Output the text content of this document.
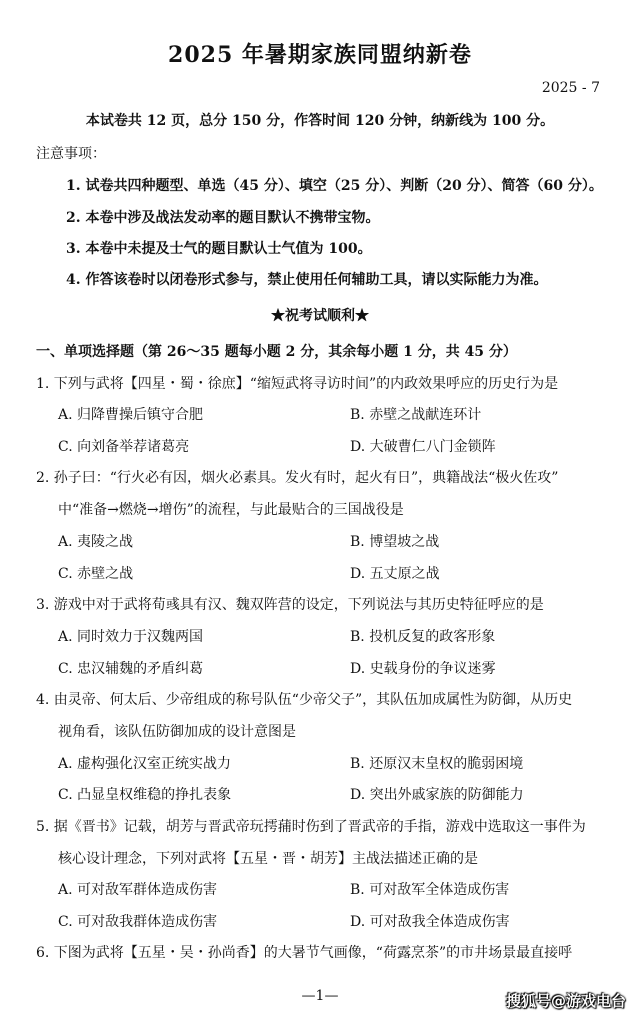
2025 年暑期家族同盟纳新卷
2025 - 7
本试卷共 12 页，总分 150 分，作答时间 120 分钟，纳新线为 100 分。
注意事项：
1. 试卷共四种题型、单选（45 分）、填空（25 分）、判断（20 分）、简答（60 分）。
2. 本卷中涉及战法发动率的题目默认不携带宝物。
3. 本卷中未提及士气的题目默认士气值为 100。
4. 作答该卷时以闭卷形式参与，禁止使用任何辅助工具，请以实际能力为准。
★祝考试顺利★
一、单项选择题（第 26～35 题每小题 2 分，其余每小题 1 分，共 45 分）
1. 下列与武将【四星・蜀・徐庶】“缩短武将寻访时间”的内政效果呼应的历史行为是
A. 归降曹操后镇守合肥	B. 赤壁之战献连环计
C. 向刘备举荐诸葛亮	D. 大破曹仁八门金锁阵
2. 孙子曰：“行火必有因，烟火必素具。发火有时，起火有日”，典籍战法“极火佐攻”
中“准备→燃烧→增伤”的流程，与此最贴合的三国战役是
A. 夷陵之战	B. 博望坡之战
C. 赤壁之战	D. 五丈原之战
3. 游戏中对于武将荀彧具有汉、魏双阵营的设定，下列说法与其历史特征呼应的是
A. 同时效力于汉魏两国	B. 投机反复的政客形象
C. 忠汉辅魏的矛盾纠葛	D. 史载身份的争议迷雾
4. 由灵帝、何太后、少帝组成的称号队伍“少帝父子”，其队伍加成属性为防御，从历史
视角看，该队伍防御加成的设计意图是
A. 虚构强化汉室正统实战力	B. 还原汉末皇权的脆弱困境
C. 凸显皇权维稳的挣扎表象	D. 突出外戚家族的防御能力
5. 据《晋书》记载，胡芳与晋武帝玩摴蒱时伤到了晋武帝的手指，游戏中选取这一事件为
核心设计理念，下列对武将【五星・晋・胡芳】主战法描述正确的是
A. 可对敌军群体造成伤害	B. 可对敌军全体造成伤害
C. 可对敌我群体造成伤害	D. 可对敌我全体造成伤害
6. 下图为武将【五星・吴・孙尚香】的大暑节气画像，“荷露烹茶”的市井场景最直接呼
—1—	搜狐号@游戏电台
